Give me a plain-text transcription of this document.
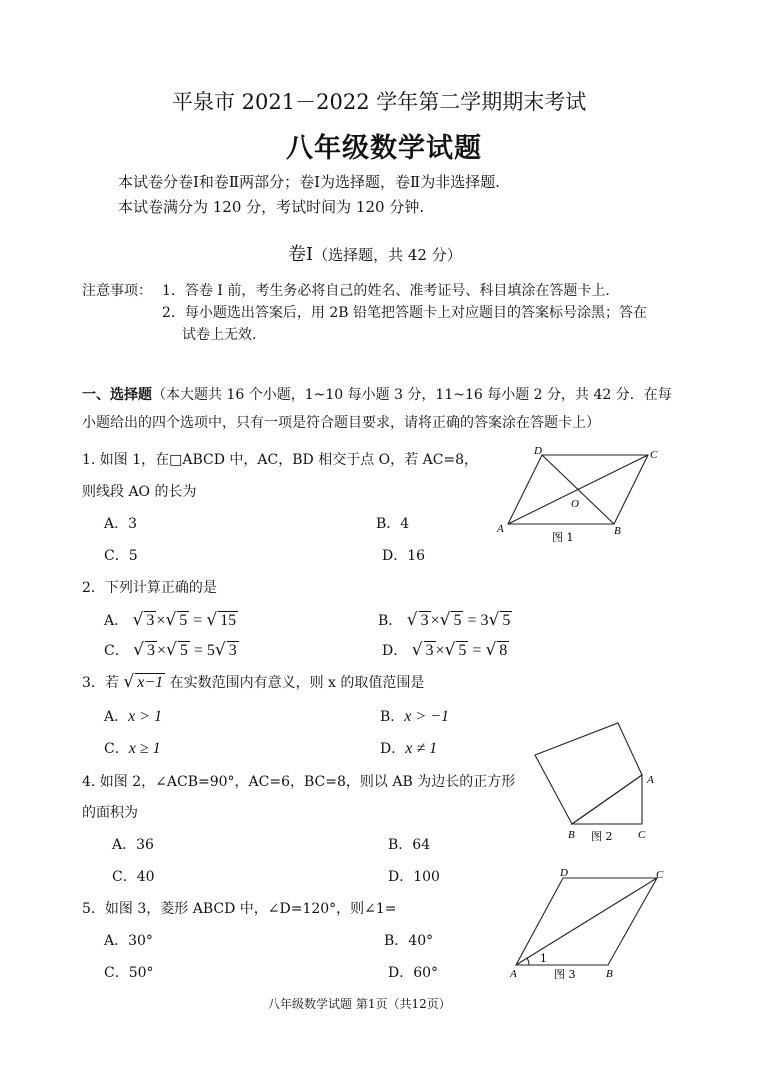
平泉市 2021－2022 学年第二学期期末考试
八年级数学试题
本试卷分卷Ⅰ和卷Ⅱ两部分；卷Ⅰ为选择题，卷Ⅱ为非选择题.
本试卷满分为 120 分，考试时间为 120 分钟.
卷Ⅰ（选择题，共 42 分）
注意事项： 1．答卷 I 前，考生务必将自己的姓名、准考证号、科目填涂在答题卡上.
2．每小题选出答案后，用 2B 铅笔把答题卡上对应题目的答案标号涂黑；答在
试卷上无效.
一、选择题（本大题共 16 个小题，1~10 每小题 3 分，11~16 每小题 2 分，共 42 分．在每
小题给出的四个选项中，只有一项是符合题目要求，请将正确的答案涂在答题卡上）
1. 如图 1，在□ABCD 中，AC，BD 相交于点 O，若 AC=8，
则线段 AO 的长为
A．3	B．4
C．5	D．16
D	C
O
A	B
图 1
2．下列计算正确的是
A． √ 3 ×√ 5 = √ 15	B． √ 3 ×√ 5 = 3√ 5
C． √ 3 ×√ 5 = 5√ 3	D． √ 3 ×√ 5 = √ 8
3．若 √ x−1 在实数范围内有意义，则 x 的取值范围是
A．x > 1	B．x > −1
C．x ≥ 1	D．x ≠ 1
4. 如图 2，∠ACB=90°，AC=6，BC=8，则以 AB 为边长的正方形
的面积为
A．36	B．64
C．40	D．100
A
B	C
图 2
5．如图 3，菱形 ABCD 中，∠D=120°，则∠1=
A．30°	B．40°
C．50°	D．60°
D	C
A	B
1
图 3
八年级数学试题 第1页（共12页）
